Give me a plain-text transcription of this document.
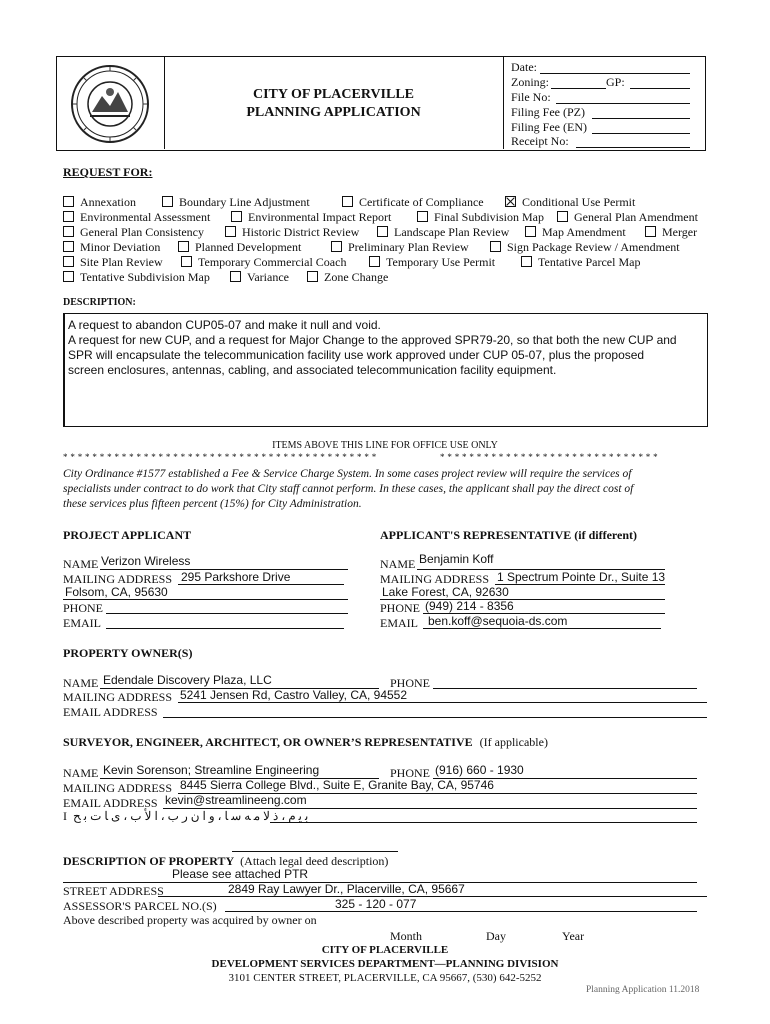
CITY OF PLACERVILLE
PLANNING APPLICATION
Date:
Zoning:	GP:
File No:
Filing Fee (PZ)
Filing Fee (EN)
Receipt No:
REQUEST FOR:
Annexation	Boundary Line Adjustment	Certificate of Compliance	Conditional Use Permit
Environmental Assessment	Environmental Impact Report	Final Subdivision Map General Plan Amendment
General Plan Consistency	Historic District Review	Landscape Plan Review	Map Amendment	Merger
Minor Deviation	Planned Development	Preliminary Plan Review	Sign Package Review / Amendment
Site Plan Review	Temporary Commercial Coach	Temporary Use Permit	Tentative Parcel Map
Tentative Subdivision Map	Variance	Zone Change
DESCRIPTION:
A request to abandon CUP05-07 and make it null and void.
A request for new CUP, and a request for Major Change to the approved SPR79-20, so that both the new CUP and
SPR will encapsulate the telecommunication facility use work approved under CUP 05-07, plus the proposed
screen enclosures, antennas, cabling, and associated telecommunication facility equipment.
ITEMS ABOVE THIS LINE FOR OFFICE USE ONLY
* * * * * * * * * * * * * * * * * * * * * * * * * * * * * * * * * * * * * * * * * * *	* * * * * * * * * * * * * * * * * * * * * * * * * * * * * *
City Ordinance #1577 established a Fee & Service Charge System. In some cases project review will require the services of
specialists under contract to do work that City staff cannot perform. In these cases, the applicant shall pay the direct cost of
these services plus fifteen percent (15%) for City Administration.
PROJECT APPLICANT	APPLICANT'S REPRESENTATIVE (if different)
NAME Verizon Wireless
MAILING ADDRESS 295 Parkshore Drive
Folsom, CA, 95630
PHONE
EMAIL
NAME Benjamin Koff
MAILING ADDRESS 1 Spectrum Pointe Dr., Suite 13
Lake Forest, CA, 92630
PHONE (949) 214 - 8356
EMAIL ben.koff@sequoia-ds.com
PROPERTY OWNER(S)
NAME Edendale Discovery Plaza, LLC	PHONE
MAILING ADDRESS 5241 Jensen Rd, Castro Valley, CA, 94552
EMAIL ADDRESS
SURVEYOR, ENGINEER, ARCHITECT, OR OWNER’S REPRESENTATIVE (If applicable)
NAME Kevin Sorenson; Streamline Engineering	PHONE (916) 660 - 1930
MAILING ADDRESS 8445 Sierra College Blvd., Suite E, Granite Bay, CA, 95746
EMAIL ADDRESS kevin@streamlineeng.com
I ﻿ ﻿ﺑ ﻳ ﻡ ، ﺫ ﻻ ﻣ ﻪ ﺳ ﺎ ، ﻭ ﺍ ﻥ ﺭ ﺏ ، ﺍ ﻷ ﺏ ، ﻯ ﺎ ﺕ ﺑ ﺢ
DESCRIPTION OF PROPERTY (Attach legal deed description)
Please see attached PTR
STREET ADDRESS	2849 Ray Lawyer Dr., Placerville, CA, 95667
ASSESSOR'S PARCEL NO.(S)	325 - 120 - 077
Above described property was acquired by owner on
Month	Day	Year
CITY OF PLACERVILLE
DEVELOPMENT SERVICES DEPARTMENT—PLANNING DIVISION
3101 CENTER STREET, PLACERVILLE, CA 95667, (530) 642-5252
Planning Application 11.2018
